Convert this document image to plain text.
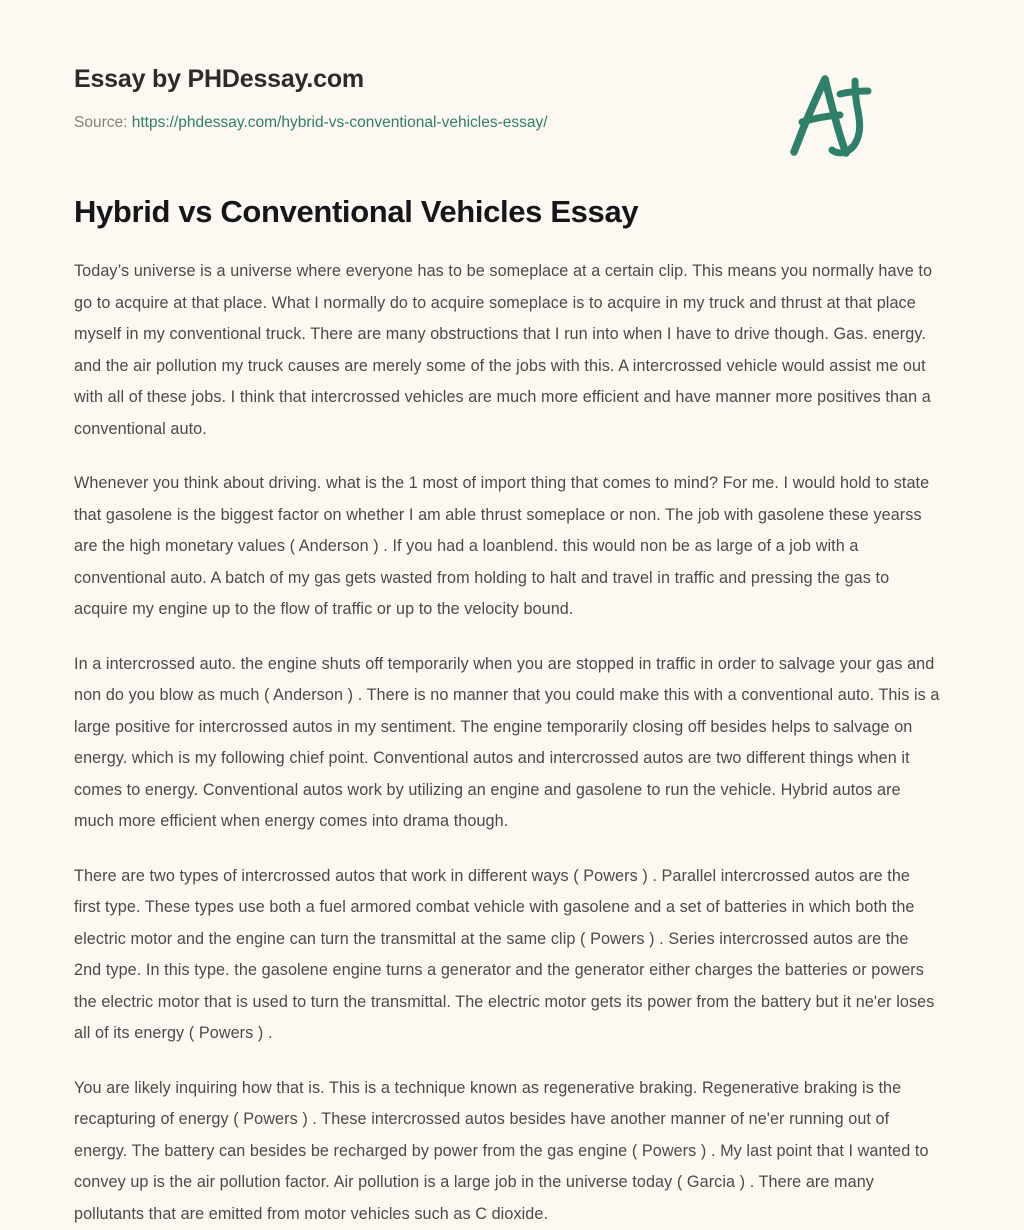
Essay by PHDessay.com
Source: https://phdessay.com/hybrid-vs-conventional-vehicles-essay/
Hybrid vs Conventional Vehicles Essay

Today’s universe is a universe where everyone has to be someplace at a certain clip. This means you normally have to go to acquire at that place. What I normally do to acquire someplace is to acquire in my truck and thrust at that place myself in my conventional truck. There are many obstructions that I run into when I have to drive though. Gas. energy. and the air pollution my truck causes are merely some of the jobs with this. A intercrossed vehicle would assist me out with all of these jobs. I think that intercrossed vehicles are much more efficient and have manner more positives than a conventional auto.

Whenever you think about driving. what is the 1 most of import thing that comes to mind? For me. I would hold to state that gasolene is the biggest factor on whether I am able thrust someplace or non. The job with gasolene these yearss are the high monetary values ( Anderson ) . If you had a loanblend. this would non be as large of a job with a conventional auto. A batch of my gas gets wasted from holding to halt and travel in traffic and pressing the gas to acquire my engine up to the flow of traffic or up to the velocity bound.

In a intercrossed auto. the engine shuts off temporarily when you are stopped in traffic in order to salvage your gas and non do you blow as much ( Anderson ) . There is no manner that you could make this with a conventional auto. This is a large positive for intercrossed autos in my sentiment. The engine temporarily closing off besides helps to salvage on energy. which is my following chief point. Conventional autos and intercrossed autos are two different things when it comes to energy. Conventional autos work by utilizing an engine and gasolene to run the vehicle. Hybrid autos are much more efficient when energy comes into drama though.

There are two types of intercrossed autos that work in different ways ( Powers ) . Parallel intercrossed autos are the first type. These types use both a fuel armored combat vehicle with gasolene and a set of batteries in which both the electric motor and the engine can turn the transmittal at the same clip ( Powers ) . Series intercrossed autos are the 2nd type. In this type. the gasolene engine turns a generator and the generator either charges the batteries or powers the electric motor that is used to turn the transmittal. The electric motor gets its power from the battery but it ne'er loses all of its energy ( Powers ) .

You are likely inquiring how that is. This is a technique known as regenerative braking. Regenerative braking is the recapturing of energy ( Powers ) . These intercrossed autos besides have another manner of ne'er running out of energy. The battery can besides be recharged by power from the gas engine ( Powers ) . My last point that I wanted to convey up is the air pollution factor. Air pollution is a large job in the universe today ( Garcia ) . There are many pollutants that are emitted from motor vehicles such as C dioxide.
